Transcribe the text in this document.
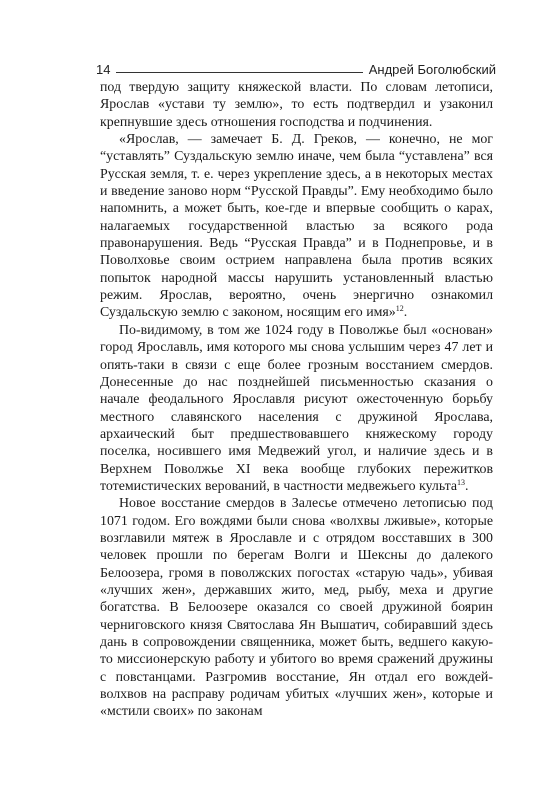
14	Андрей Боголюбский

под твердую защиту княжеской власти. По словам летописи, Ярослав «устави ту землю», то есть подтвердил и узаконил крепнувшие здесь отношения господства и подчинения.

«Ярослав, — замечает Б. Д. Греков, — конечно, не мог “уставлять” Суздальскую землю иначе, чем была “уставлена” вся Русская земля, т. е. через укрепление здесь, а в некоторых местах и введение заново норм “Русской Правды”. Ему необходимо было напомнить, а может быть, кое-где и впервые сообщить о карах, налагаемых государственной властью за всякого рода правонарушения. Ведь “Русская Правда” и в Поднепровье, и в Поволховье своим острием направлена была против всяких попыток народной массы нарушить установленный властью режим. Ярослав, вероятно, очень энергично ознакомил Суздальскую землю с законом, носящим его имя»$^{12}$.

По-видимому, в том же 1024 году в Поволжье был «основан» город Ярославль, имя которого мы снова услышим через 47 лет и опять-таки в связи с еще более грозным восстанием смердов. Донесенные до нас позднейшей письменностью сказания о начале феодального Ярославля рисуют ожесточенную борьбу местного славянского населения с дружиной Ярослава, архаический быт предшествовавшего княжескому городу поселка, носившего имя Медвежий угол, и наличие здесь и в Верхнем Поволжье XI века вообще глубоких пережитков тотемистических верований, в частности медвежьего культа$^{13}$.

Новое восстание смердов в Залесье отмечено летописью под 1071 годом. Его вождями были снова «волхвы лживые», которые возглавили мятеж в Ярославле и с отрядом восставших в 300 человек прошли по берегам Волги и Шексны до далекого Белоозера, громя в поволжских погостах «старую чадь», убивая «лучших жен», державших жито, мед, рыбу, меха и другие богатства. В Белоозере оказался со своей дружиной боярин черниговского князя Святослава Ян Вышатич, собиравший здесь дань в сопровождении священника, может быть, ведшего какую-то миссионерскую работу и убитого во время сражений дружины с повстанцами. Разгромив восстание, Ян отдал его вождей-волхвов на расправу родичам убитых «лучших жен», которые и «мстили своих» по законам
